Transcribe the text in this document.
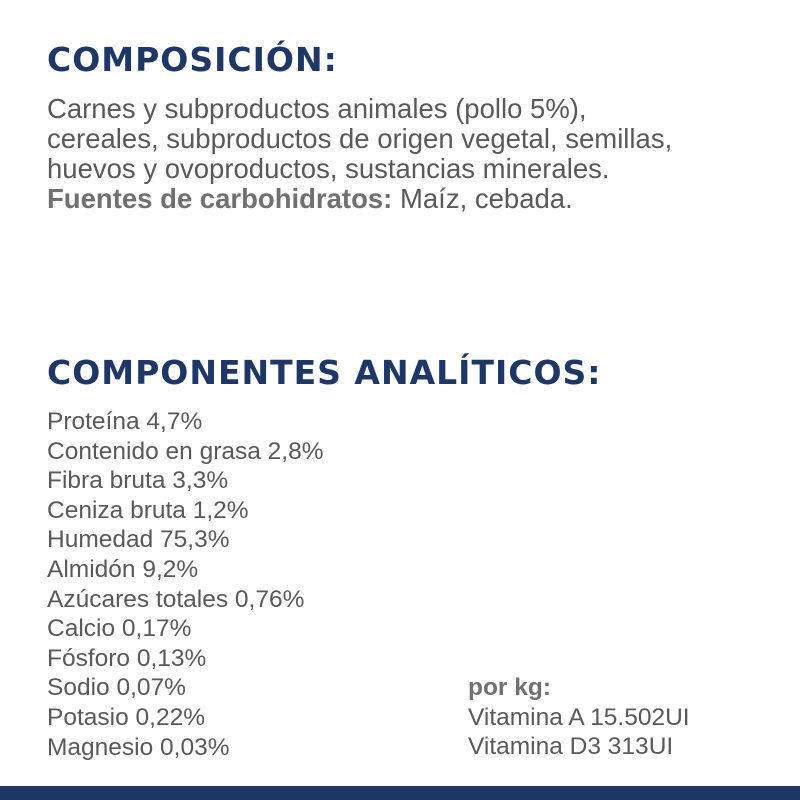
COMPOSICIÓN:

Carnes y subproductos animales (pollo 5%),
cereales, subproductos de origen vegetal, semillas,
huevos y ovoproductos, sustancias minerales.
Fuentes de carbohidratos: Maíz, cebada.

COMPONENTES ANALÍTICOS:
Proteína 4,7%
Contenido en grasa 2,8%
Fibra bruta 3,3%
Ceniza bruta 1,2%
Humedad 75,3%
Almidón 9,2%
Azúcares totales 0,76%
Calcio 0,17%
Fósforo 0,13%
Sodio 0,07%
Potasio 0,22%
Magnesio 0,03%
por kg:
Vitamina A 15.502UI
Vitamina D3 313UI
